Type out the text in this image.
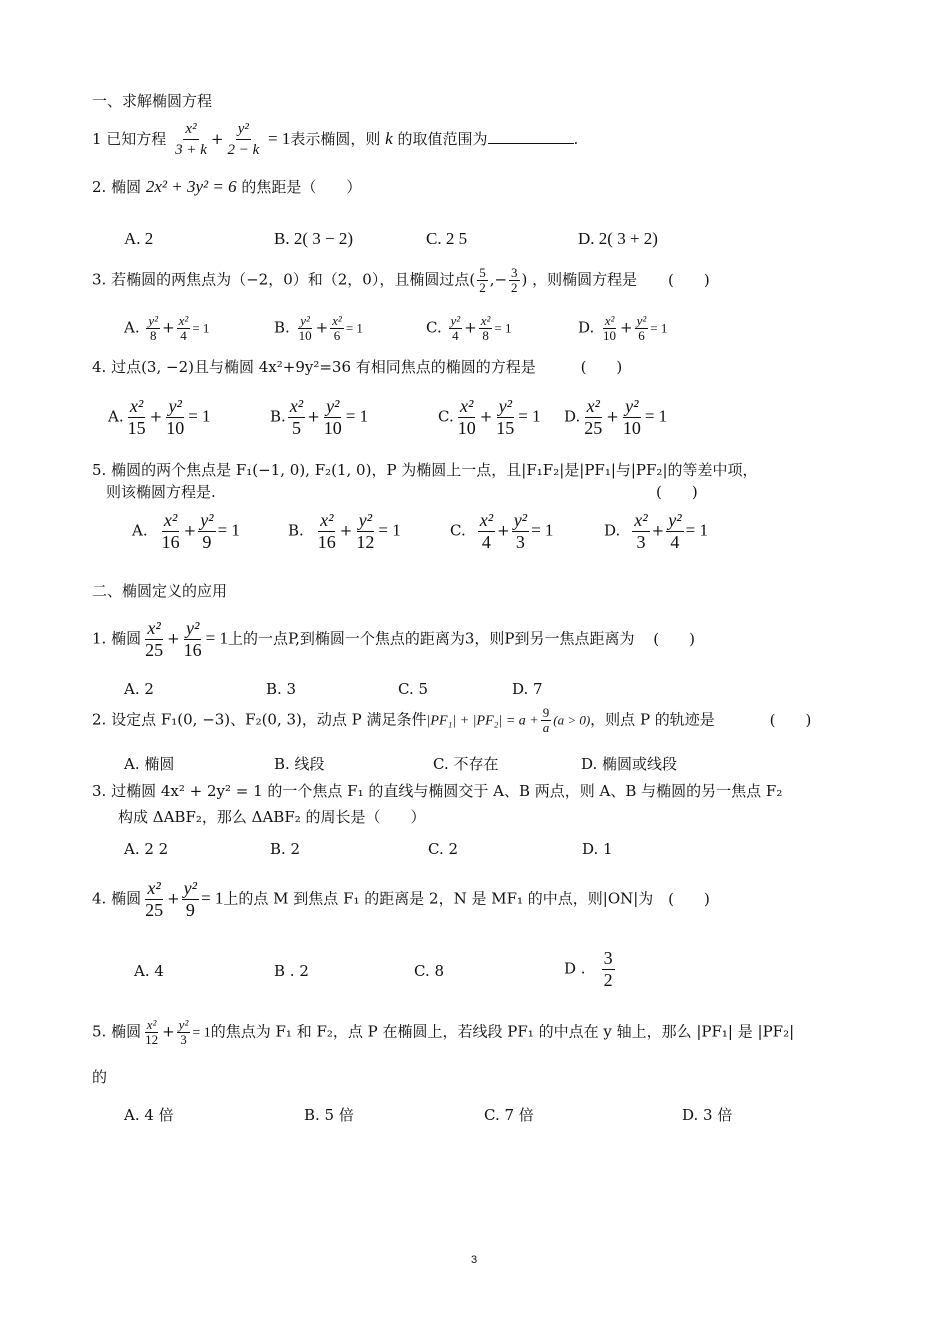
一、求解椭圆方程
1 已知方程 $\frac{\text{x²}}{3 + k} + \frac{\text{y²}}{2 - k} = 1$表示椭圆，则 k 的取值范围为	.
2. 椭圆 2x² + 3y² = 6 的焦距是（　　）
A. 2	B. 2( 3 − 2)	C. 2 5	D. 2( 3 + 2)
3. 若椭圆的两焦点为（−2，0）和（2，0），且椭圆过点( $\frac{5}{2}$ ,− $\frac{3}{2}$ ) ，则椭圆方程是 (　　)
A. $\frac{\text{y²}}{8} + \frac{\text{x²}}{4} = 1$	B. $\frac{\text{y²}}{10} + \frac{\text{x²}}{6} = 1$	C. $\frac{\text{y²}}{4} + \frac{\text{x²}}{8} = 1$	D. $\frac{\text{x²}}{10} + \frac{\text{y²}}{6} = 1$
4. 过点(3, −2)且与椭圆 4x²+9y²=36 有相同焦点的椭圆的方程是	(　　)
A. $\frac{\text{x²}}{15} + \frac{\text{y²}}{10} = 1$	B. $\frac{\text{x²}}{5} + \frac{\text{y²}}{10} = 1$	C. $\frac{\text{x²}}{10} + \frac{\text{y²}}{15} = 1$ D. $\frac{\text{x²}}{25} + \frac{\text{y²}}{10} = 1$
5. 椭圆的两个焦点是 F₁(−1, 0), F₂(1, 0)，P 为椭圆上一点，且|F₁F₂|是|PF₁|与|PF₂|的等差中项，
则该椭圆方程是.	(　　)
A. $\frac{\text{x²}}{16} + \frac{\text{y²}}{9} = 1$	B. $\frac{\text{x²}}{16} + \frac{\text{y²}}{12} = 1$	C. $\frac{\text{x²}}{4} + \frac{\text{y²}}{3} = 1$	D. $\frac{\text{x²}}{3} + \frac{\text{y²}}{4} = 1$
二、椭圆定义的应用
1. 椭圆 $\frac{\text{x²}}{25} + \frac{\text{y²}}{16} = 1$上的一点P,到椭圆一个焦点的距离为3，则P到另一焦点距离为 (　　)
A. 2	B. 3	C. 5	D. 7
2. 设定点 F₁(0, −3)、F₂(0, 3)，动点 P 满足条件$|PF_1| + |PF_2| = a + \frac{9}{a} (a > 0)$，则点 P 的轨迹是	(　　)
A. 椭圆	B. 线段	C. 不存在	D. 椭圆或线段
3. 过椭圆 4x² + 2y² = 1 的一个焦点 F₁ 的直线与椭圆交于 A、B 两点，则 A、B 与椭圆的另一焦点 F₂
构成 ΔABF₂，那么 ΔABF₂ 的周长是（　　）
A. 2 2	B. 2	C. 2	D. 1
4. 椭圆 $\frac{\text{x²}}{25} + \frac{\text{y²}}{9} = 1$上的点 M 到焦点 F₁ 的距离是 2，N 是 MF₁ 的中点，则|ON|为 (　　)
A. 4	B . 2	C. 8	D . $\frac{3}{2}$
5. 椭圆 $\frac{\text{x²}}{12} + \frac{\text{y²}}{3} = 1$的焦点为 F₁ 和 F₂，点 P 在椭圆上，若线段 PF₁ 的中点在 y 轴上，那么 |PF₁| 是 |PF₂|
的
A. 4 倍	B. 5 倍	C. 7 倍	D. 3 倍
3
